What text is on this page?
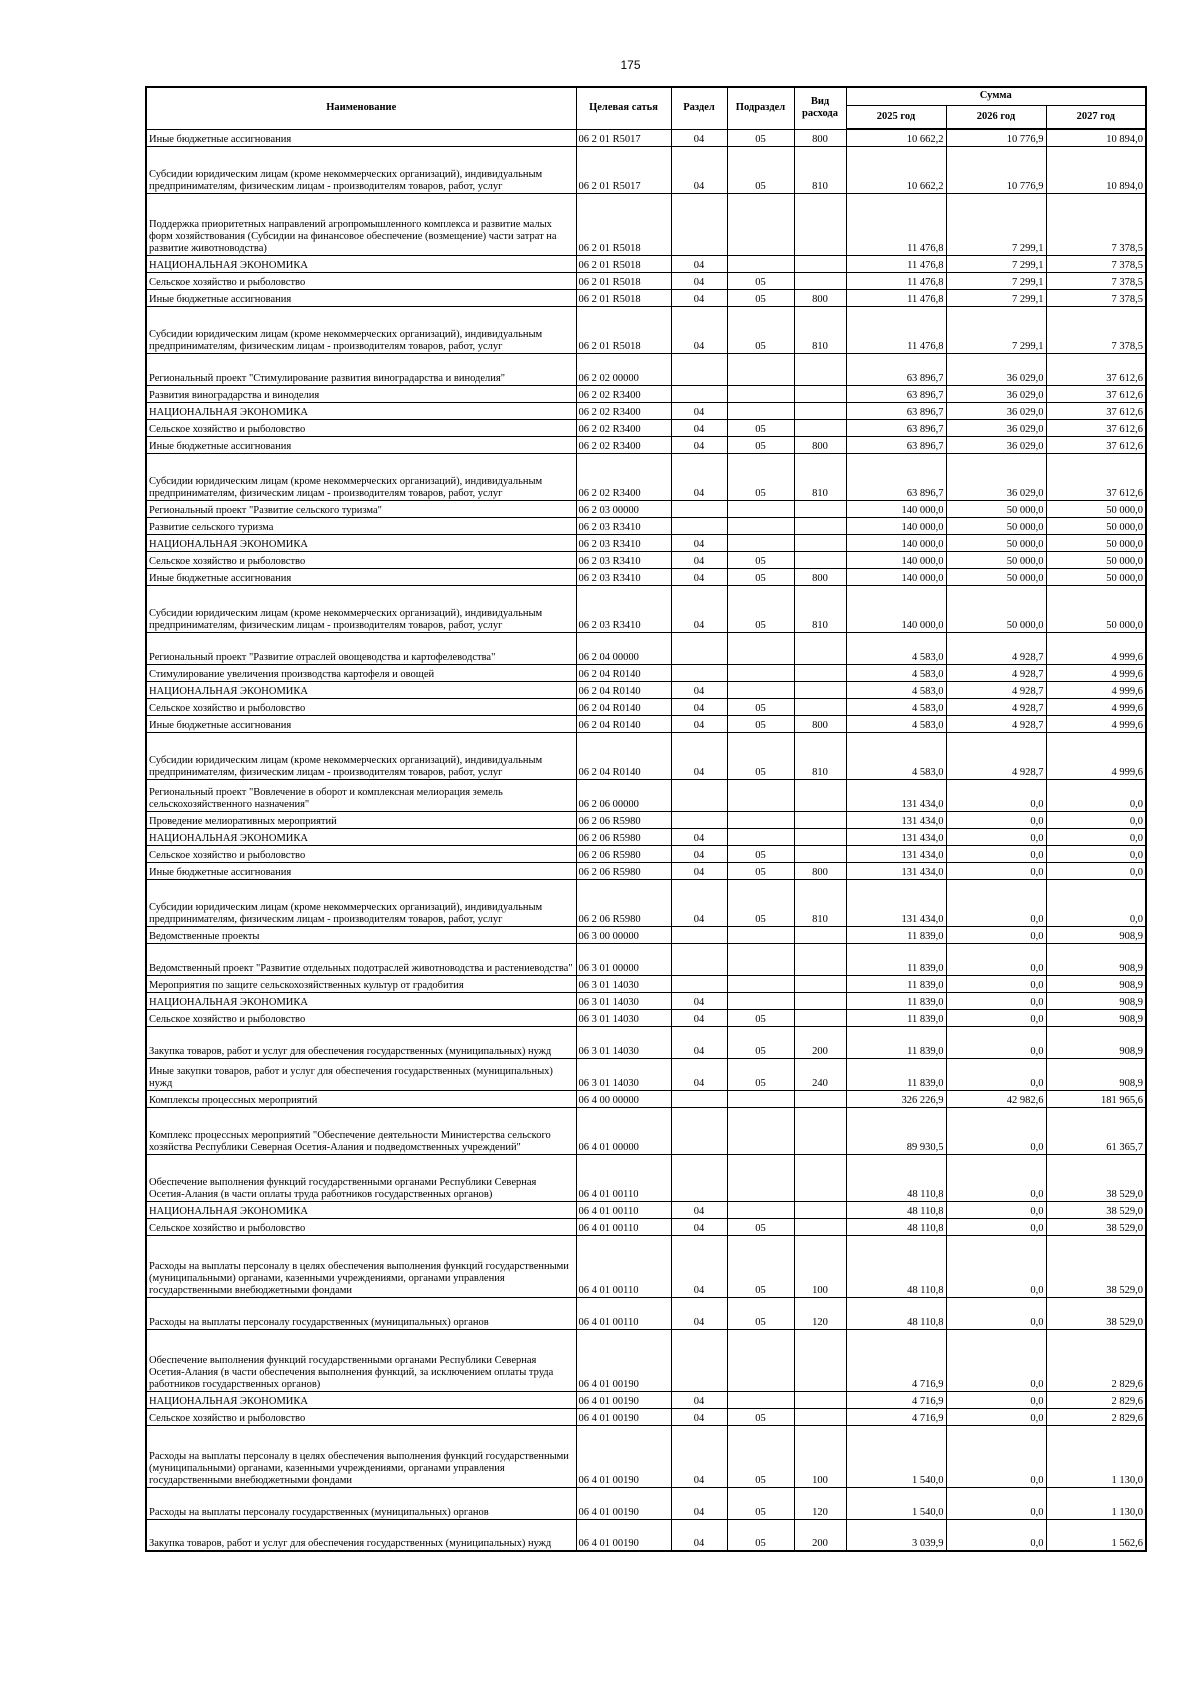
175
Наименование	Целевая сатья	Раздел	Подраздел	Вид расхода	Сумма		
					2025 год	2026 год	2027 год
Иные бюджетные ассигнования	06 2 01 R5017	04	05	800	10 662,2	10 776,9	10 894,0
Субсидии юридическим лицам (кроме некоммерческих организаций), индивидуальным предпринимателям, физическим лицам - производителям товаров, работ, услуг	06 2 01 R5017	04	05	810	10 662,2	10 776,9	10 894,0
Поддержка приоритетных направлений агропромышленного комплекса и развитие малых форм хозяйствования (Субсидии на финансовое обеспечение (возмещение) части затрат на развитие животноводства)	06 2 01 R5018				11 476,8	7 299,1	7 378,5
НАЦИОНАЛЬНАЯ ЭКОНОМИКА	06 2 01 R5018	04			11 476,8	7 299,1	7 378,5
Сельское хозяйство и рыболовство	06 2 01 R5018	04	05		11 476,8	7 299,1	7 378,5
Иные бюджетные ассигнования	06 2 01 R5018	04	05	800	11 476,8	7 299,1	7 378,5
Субсидии юридическим лицам (кроме некоммерческих организаций), индивидуальным предпринимателям, физическим лицам - производителям товаров, работ, услуг	06 2 01 R5018	04	05	810	11 476,8	7 299,1	7 378,5
Региональный проект "Стимулирование развития виноградарства и виноделия"	06 2 02 00000				63 896,7	36 029,0	37 612,6
Развития виноградарства и виноделия	06 2 02 R3400				63 896,7	36 029,0	37 612,6
НАЦИОНАЛЬНАЯ ЭКОНОМИКА	06 2 02 R3400	04			63 896,7	36 029,0	37 612,6
Сельское хозяйство и рыболовство	06 2 02 R3400	04	05		63 896,7	36 029,0	37 612,6
Иные бюджетные ассигнования	06 2 02 R3400	04	05	800	63 896,7	36 029,0	37 612,6
Субсидии юридическим лицам (кроме некоммерческих организаций), индивидуальным предпринимателям, физическим лицам - производителям товаров, работ, услуг	06 2 02 R3400	04	05	810	63 896,7	36 029,0	37 612,6
Региональный проект "Развитие сельского туризма"	06 2 03 00000				140 000,0	50 000,0	50 000,0
Развитие сельского туризма	06 2 03 R3410				140 000,0	50 000,0	50 000,0
НАЦИОНАЛЬНАЯ ЭКОНОМИКА	06 2 03 R3410	04			140 000,0	50 000,0	50 000,0
Сельское хозяйство и рыболовство	06 2 03 R3410	04	05		140 000,0	50 000,0	50 000,0
Иные бюджетные ассигнования	06 2 03 R3410	04	05	800	140 000,0	50 000,0	50 000,0
Субсидии юридическим лицам (кроме некоммерческих организаций), индивидуальным предпринимателям, физическим лицам - производителям товаров, работ, услуг	06 2 03 R3410	04	05	810	140 000,0	50 000,0	50 000,0
Региональный проект "Развитие отраслей овощеводства и картофелеводства"	06 2 04 00000				4 583,0	4 928,7	4 999,6
Стимулирование увеличения производства картофеля и овощей	06 2 04 R0140				4 583,0	4 928,7	4 999,6
НАЦИОНАЛЬНАЯ ЭКОНОМИКА	06 2 04 R0140	04			4 583,0	4 928,7	4 999,6
Сельское хозяйство и рыболовство	06 2 04 R0140	04	05		4 583,0	4 928,7	4 999,6
Иные бюджетные ассигнования	06 2 04 R0140	04	05	800	4 583,0	4 928,7	4 999,6
Субсидии юридическим лицам (кроме некоммерческих организаций), индивидуальным предпринимателям, физическим лицам - производителям товаров, работ, услуг	06 2 04 R0140	04	05	810	4 583,0	4 928,7	4 999,6
Региональный проект "Вовлечение в оборот и комплексная мелиорация земель сельскохозяйственного назначения"	06 2 06 00000				131 434,0	0,0	0,0
Проведение мелиоративных мероприятий	06 2 06 R5980				131 434,0	0,0	0,0
НАЦИОНАЛЬНАЯ ЭКОНОМИКА	06 2 06 R5980	04			131 434,0	0,0	0,0
Сельское хозяйство и рыболовство	06 2 06 R5980	04	05		131 434,0	0,0	0,0
Иные бюджетные ассигнования	06 2 06 R5980	04	05	800	131 434,0	0,0	0,0
Субсидии юридическим лицам (кроме некоммерческих организаций), индивидуальным предпринимателям, физическим лицам - производителям товаров, работ, услуг	06 2 06 R5980	04	05	810	131 434,0	0,0	0,0
Ведомственные проекты	06 3 00 00000				11 839,0	0,0	908,9
Ведомственный проект "Развитие отдельных подотраслей животноводства и растениеводства"	06 3 01 00000				11 839,0	0,0	908,9
Мероприятия по защите сельскохозяйственных культур от градобития	06 3 01 14030				11 839,0	0,0	908,9
НАЦИОНАЛЬНАЯ ЭКОНОМИКА	06 3 01 14030	04			11 839,0	0,0	908,9
Сельское хозяйство и рыболовство	06 3 01 14030	04	05		11 839,0	0,0	908,9
Закупка товаров, работ и услуг для обеспечения государственных (муниципальных) нужд	06 3 01 14030	04	05	200	11 839,0	0,0	908,9
Иные закупки товаров, работ и услуг для обеспечения государственных (муниципальных) нужд	06 3 01 14030	04	05	240	11 839,0	0,0	908,9
Комплексы процессных мероприятий	06 4 00 00000				326 226,9	42 982,6	181 965,6
Комплекс процессных мероприятий "Обеспечение деятельности Министерства сельского хозяйства Республики Северная Осетия-Алания и подведомственных учреждений"	06 4 01 00000				89 930,5	0,0	61 365,7
Обеспечение выполнения функций государственными органами Республики Северная Осетия-Алания (в части оплаты труда работников государственных органов)	06 4 01 00110				48 110,8	0,0	38 529,0
НАЦИОНАЛЬНАЯ ЭКОНОМИКА	06 4 01 00110	04			48 110,8	0,0	38 529,0
Сельское хозяйство и рыболовство	06 4 01 00110	04	05		48 110,8	0,0	38 529,0
Расходы на выплаты персоналу в целях обеспечения выполнения функций государственными (муниципальными) органами, казенными учреждениями, органами управления государственными внебюджетными фондами	06 4 01 00110	04	05	100	48 110,8	0,0	38 529,0
Расходы на выплаты персоналу государственных (муниципальных) органов	06 4 01 00110	04	05	120	48 110,8	0,0	38 529,0
Обеспечение выполнения функций государственными органами Республики Северная Осетия-Алания (в части обеспечения выполнения функций, за исключением оплаты труда работников государственных органов)	06 4 01 00190				4 716,9	0,0	2 829,6
НАЦИОНАЛЬНАЯ ЭКОНОМИКА	06 4 01 00190	04			4 716,9	0,0	2 829,6
Сельское хозяйство и рыболовство	06 4 01 00190	04	05		4 716,9	0,0	2 829,6
Расходы на выплаты персоналу в целях обеспечения выполнения функций государственными (муниципальными) органами, казенными учреждениями, органами управления государственными внебюджетными фондами	06 4 01 00190	04	05	100	1 540,0	0,0	1 130,0
Расходы на выплаты персоналу государственных (муниципальных) органов	06 4 01 00190	04	05	120	1 540,0	0,0	1 130,0
Закупка товаров, работ и услуг для обеспечения государственных (муниципальных) нужд	06 4 01 00190	04	05	200	3 039,9	0,0	1 562,6
